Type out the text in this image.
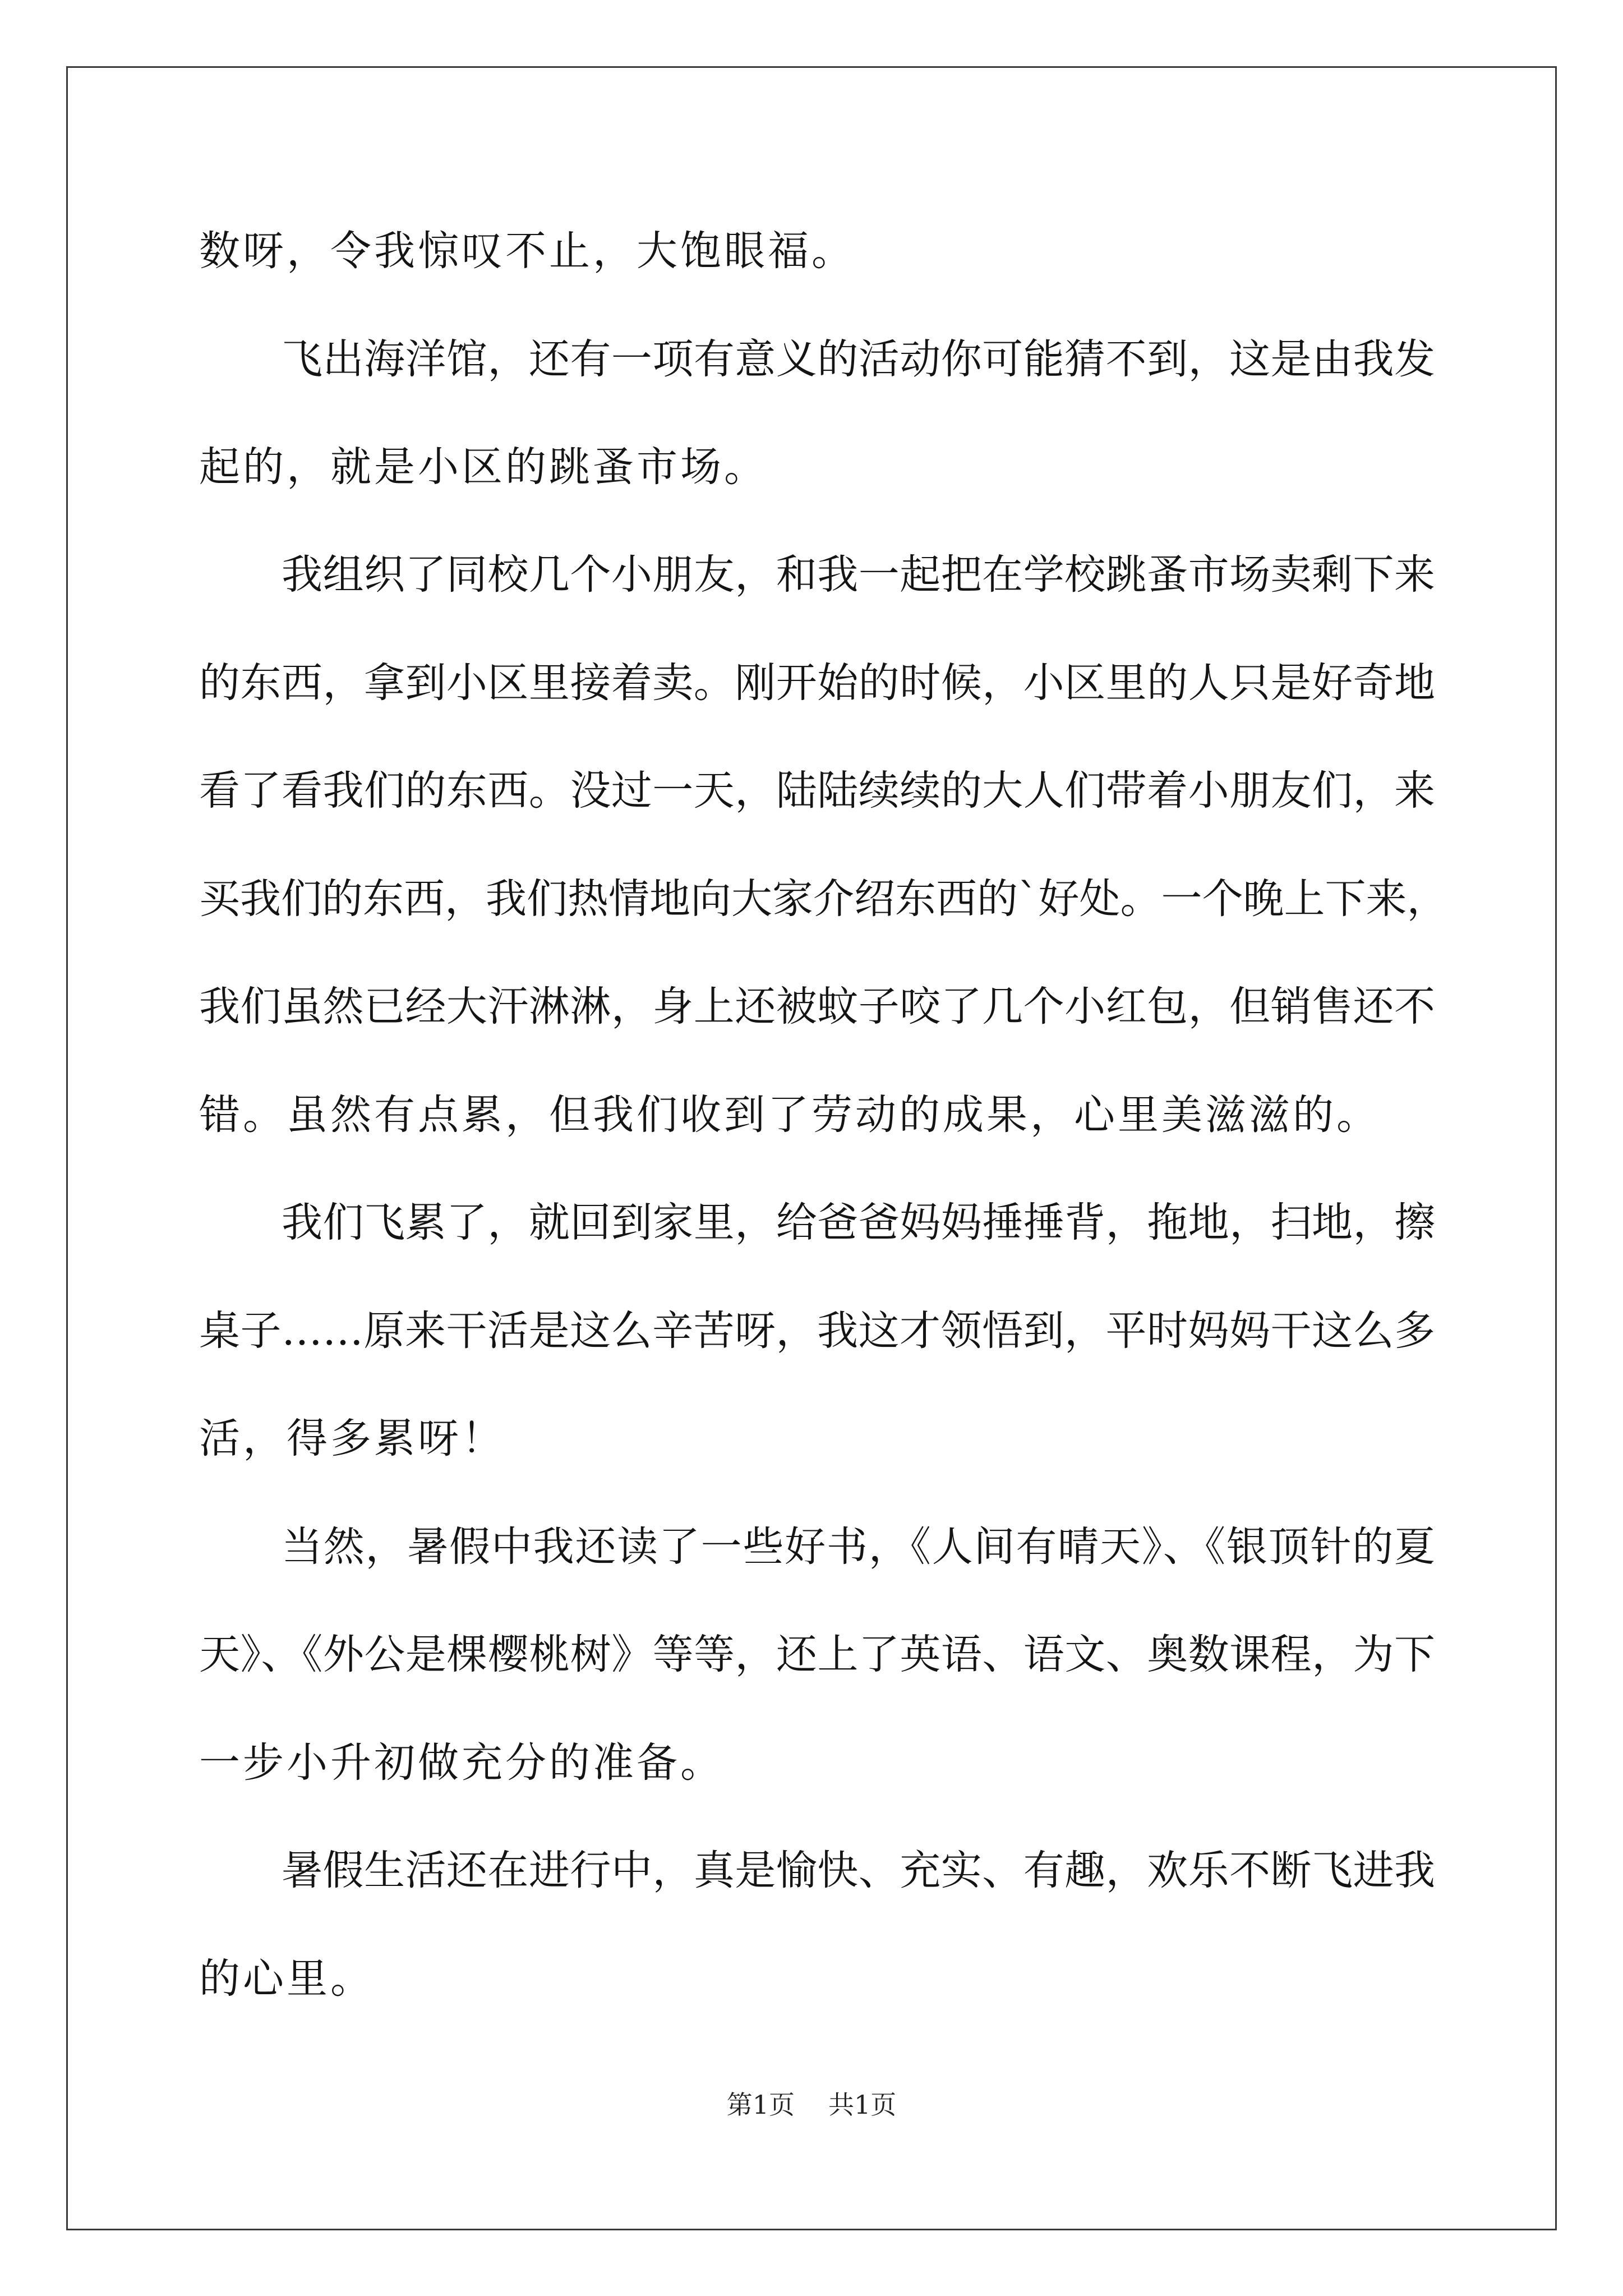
数呀，令我惊叹不止，大饱眼福。
飞出海洋馆，还有一项有意义的活动你可能猜不到，这是由我发
起的，就是小区的跳蚤市场。
我组织了同校几个小朋友，和我一起把在学校跳蚤市场卖剩下来
的东西，拿到小区里接着卖。刚开始的时候，小区里的人只是好奇地
看了看我们的东西。没过一天，陆陆续续的大人们带着小朋友们，来
买我们的东西，我们热情地向大家介绍东西的`好处。一个晚上下来，
我们虽然已经大汗淋淋，身上还被蚊子咬了几个小红包，但销售还不
错。虽然有点累，但我们收到了劳动的成果，心里美滋滋的。
我们飞累了，就回到家里，给爸爸妈妈捶捶背，拖地，扫地，擦
桌子……原来干活是这么辛苦呀，我这才领悟到，平时妈妈干这么多
活，得多累呀！
当然，暑假中我还读了一些好书，《人间有晴天》、《银顶针的夏
天》、《外公是棵樱桃树》等等，还上了英语、语文、奥数课程，为下
一步小升初做充分的准备。
暑假生活还在进行中，真是愉快、充实、有趣，欢乐不断飞进我
的心里。
第1页 共1页
